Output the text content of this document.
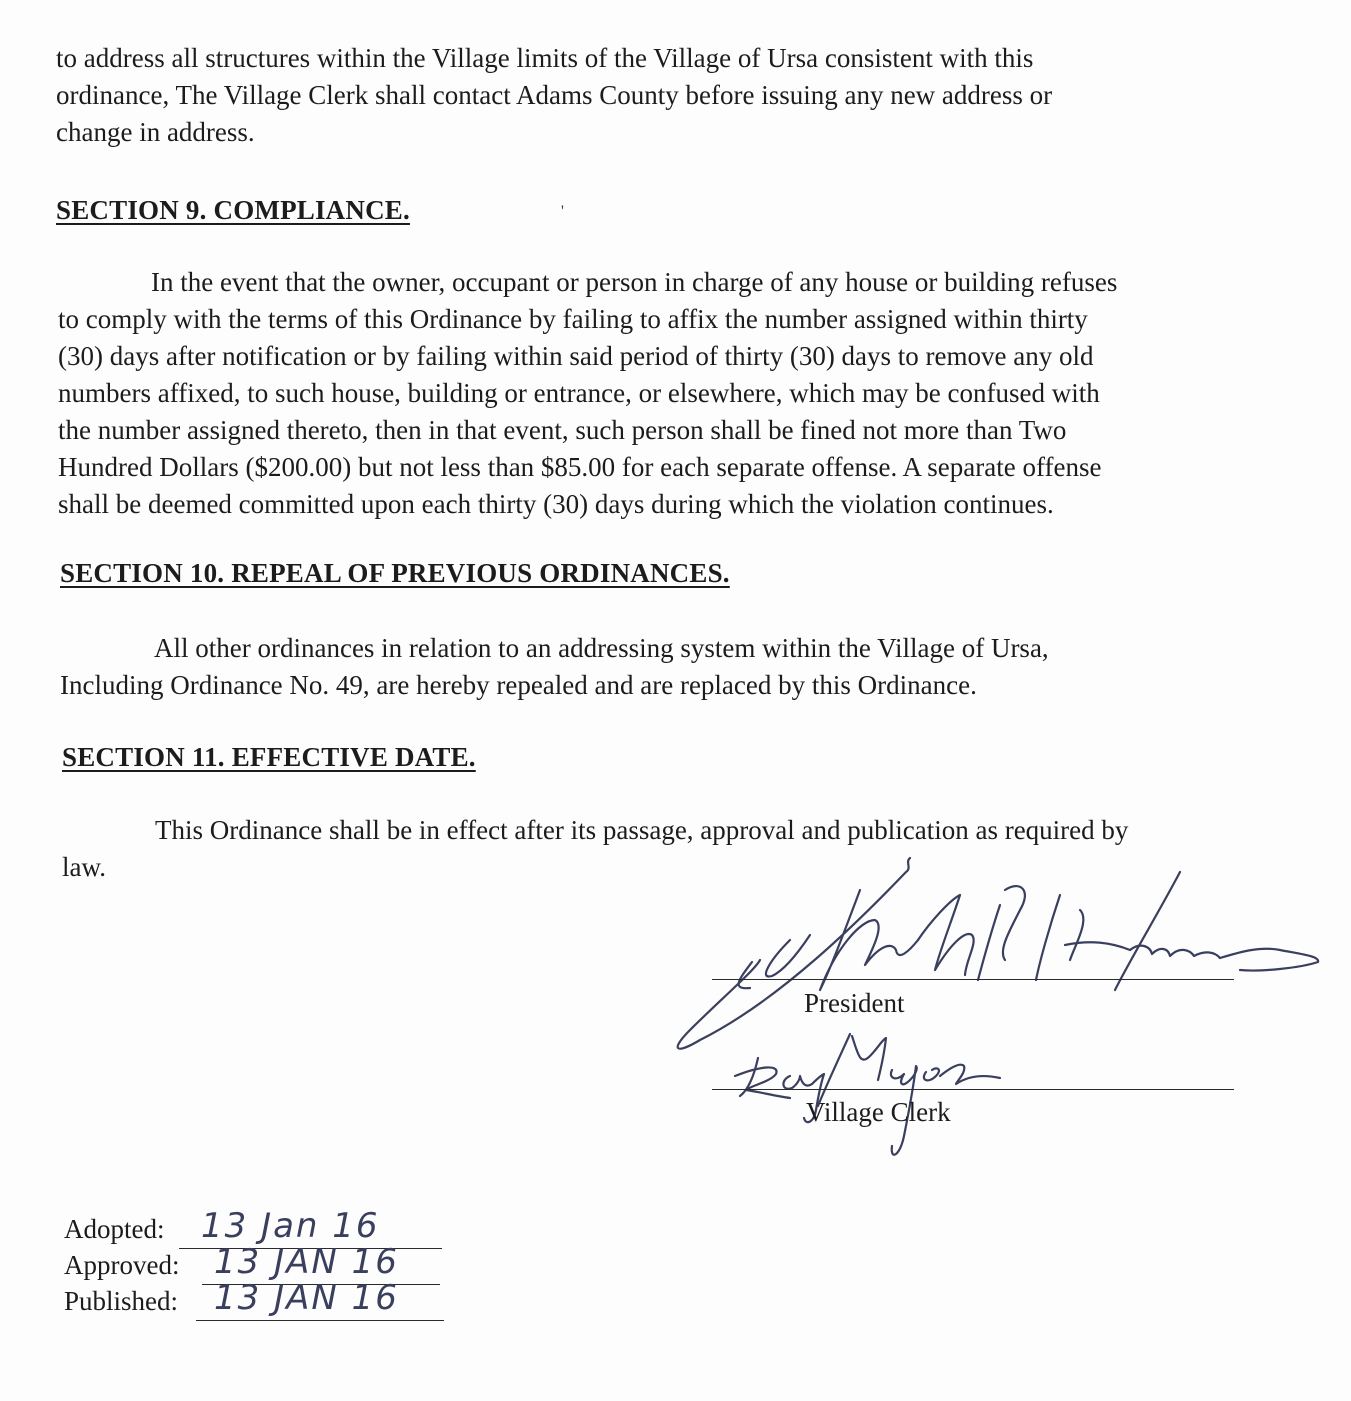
to address all structures within the Village limits of the Village of Ursa consistent with this
ordinance, The Village Clerk shall contact Adams County before issuing any new address or
change in address.
SECTION 9. COMPLIANCE.	'
In the event that the owner, occupant or person in charge of any house or building refuses
to comply with the terms of this Ordinance by failing to affix the number assigned within thirty
(30) days after notification or by failing within said period of thirty (30) days to remove any old
numbers affixed, to such house, building or entrance, or elsewhere, which may be confused with
the number assigned thereto, then in that event, such person shall be fined not more than Two
Hundred Dollars ($200.00) but not less than $85.00 for each separate offense. A separate offense
shall be deemed committed upon each thirty (30) days during which the violation continues.
SECTION 10. REPEAL OF PREVIOUS ORDINANCES.
All other ordinances in relation to an addressing system within the Village of Ursa,
Including Ordinance No. 49, are hereby repealed and are replaced by this Ordinance.
SECTION 11. EFFECTIVE DATE.
This Ordinance shall be in effect after its passage, approval and publication as required by
law.
President
Village Clerk
Adopted: 13 Jan 16
Approved: 13 JAN 16
Published: 13 JAN 16
